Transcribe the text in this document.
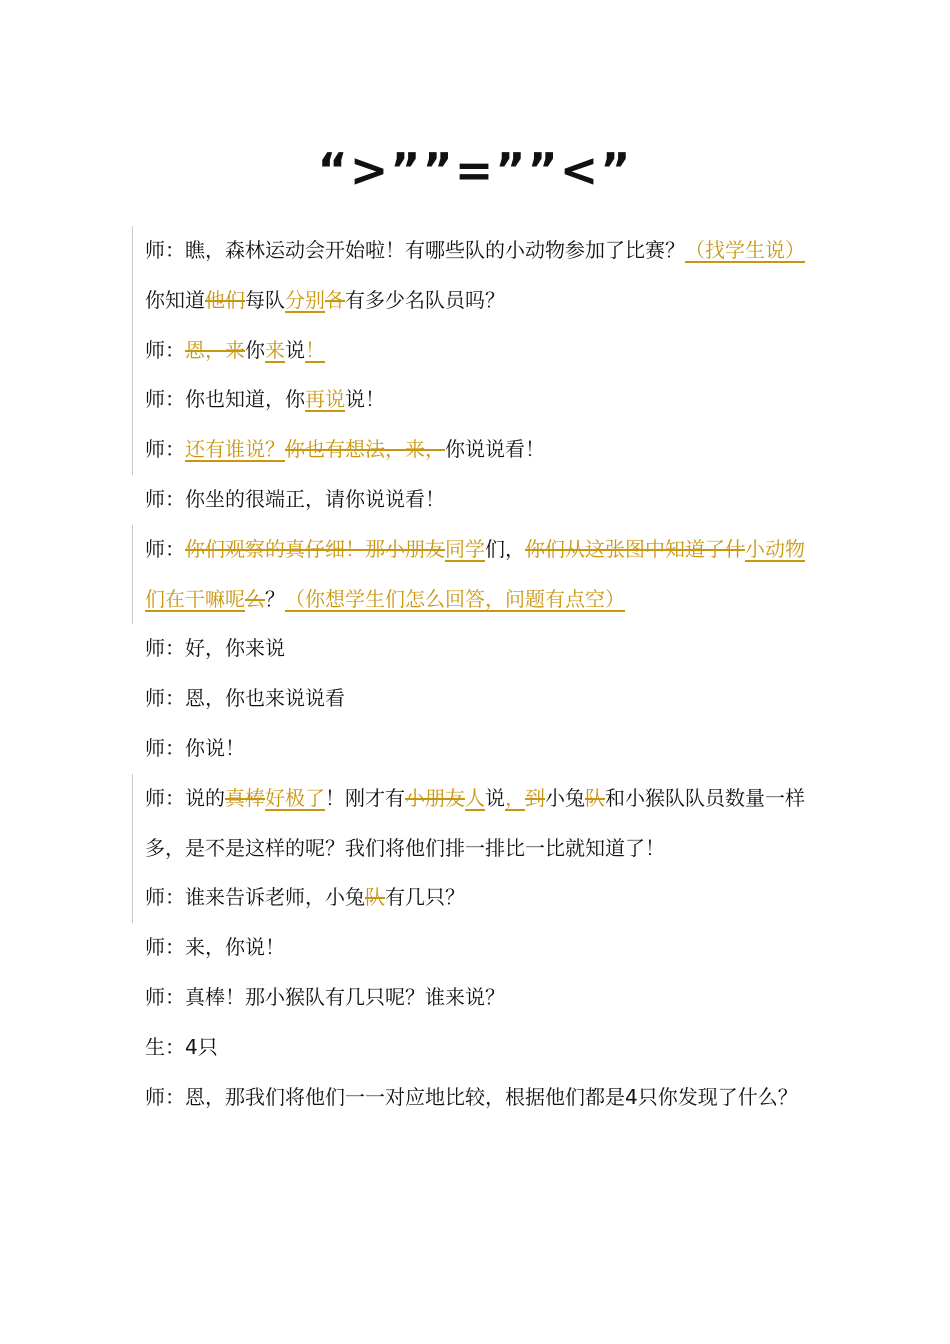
“>””=””<”
师：瞧，森林运动会开始啦！有哪些队的小动物参加了比赛？（找学生说）
你知道他们每队分别各有多少名队员吗？
师：恩，来你来说！
师：你也知道，你再说说！
师：还有谁说？你也有想法，来，你说说看！
师：你坐的很端正，请你说说看！
师：你们观察的真仔细！那小朋友同学们，你们从这张图中知道了什小动物们在干嘛呢么？（你想学生们怎么回答，问题有点空）
师：好，你来说
师：恩，你也来说说看
师：你说！
师：说的真棒好极了！刚才有小朋友人说，到小兔队和小猴队队员数量一样多，是不是这样的呢？我们将他们排一排比一比就知道了！
师：谁来告诉老师，小兔队有几只？
师：来，你说！
师：真棒！那小猴队有几只呢？谁来说？
生：4只
师：恩，那我们将他们一一对应地比较，根据他们都是4只你发现了什么？
